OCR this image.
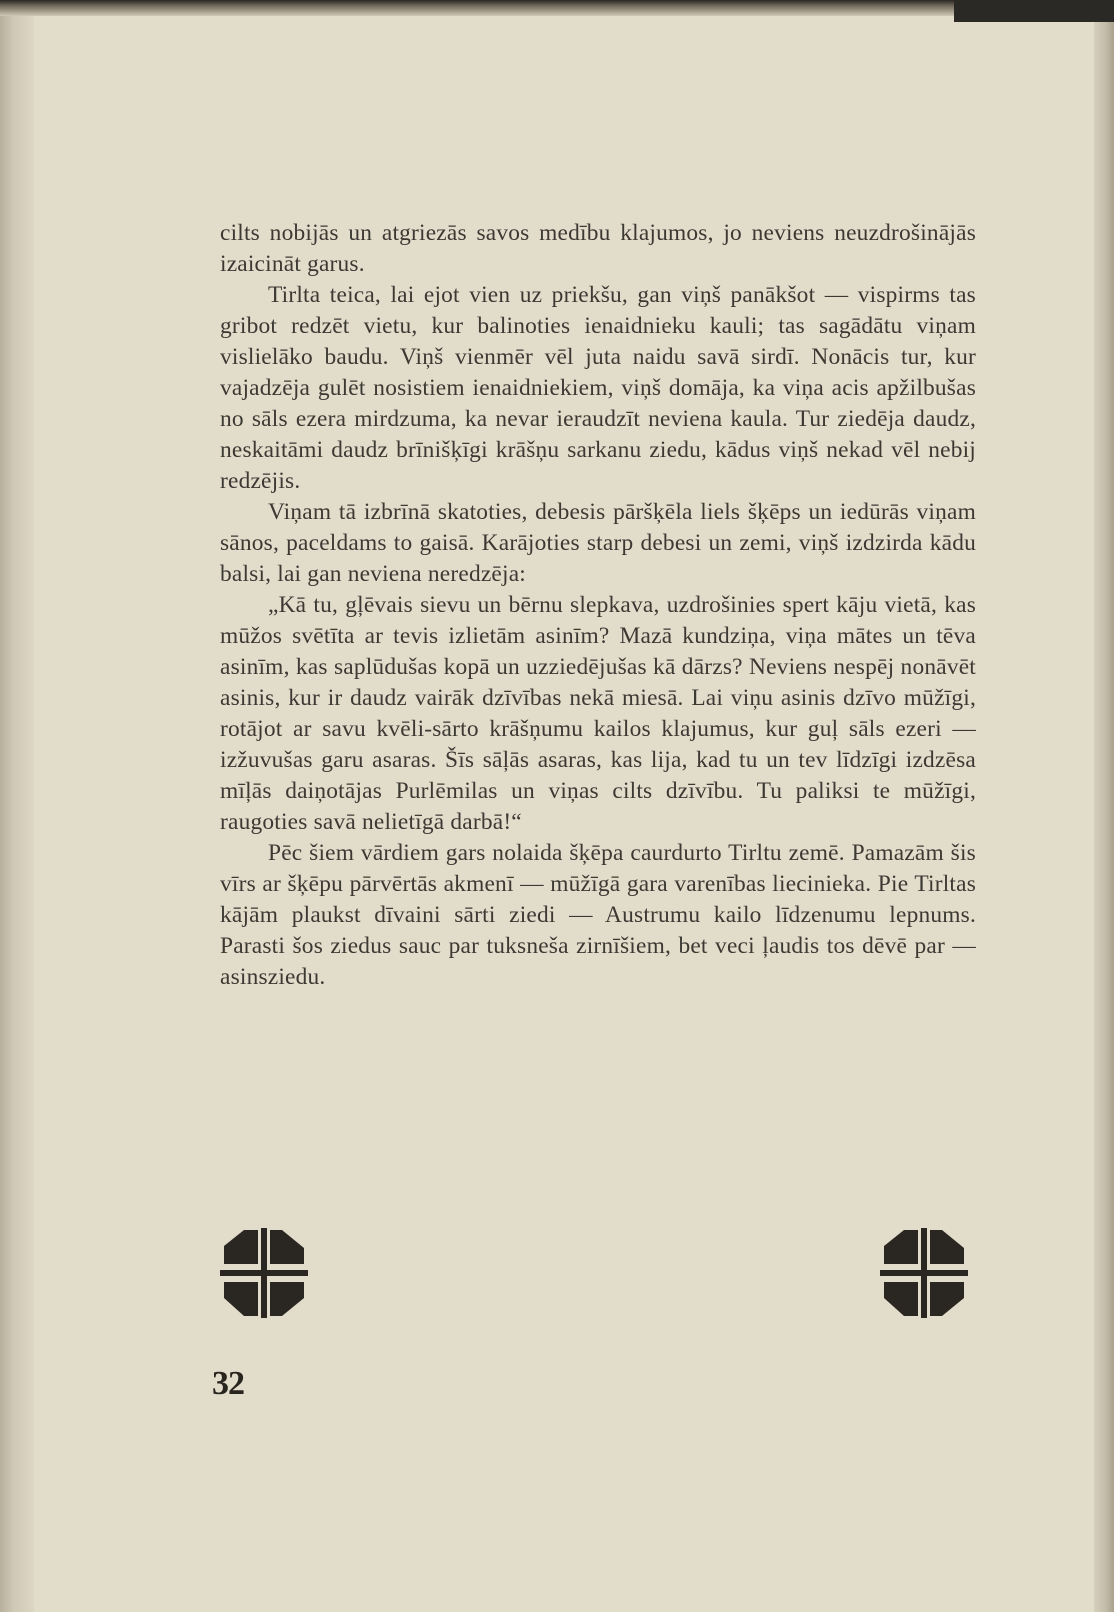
cilts nobijās un atgriezās savos medību klajumos, jo neviens neuzdrošinājās izaicināt garus.

Tirlta teica, lai ejot vien uz priekšu, gan viņš panākšot — vispirms tas gribot redzēt vietu, kur balinoties ienaidnieku kauli; tas sagādātu viņam vislielāko baudu. Viņš vienmēr vēl juta naidu savā sirdī. Nonācis tur, kur vajadzēja gulēt nosistiem ienaidniekiem, viņš domāja, ka viņa acis apžilbušas no sāls ezera mirdzuma, ka nevar ieraudzīt neviena kaula. Tur ziedēja daudz, neskaitāmi daudz brīnišķīgi krāšņu sarkanu ziedu, kādus viņš nekad vēl nebij redzējis.

Viņam tā izbrīnā skatoties, debesis pāršķēla liels šķēps un iedūrās viņam sānos, paceldams to gaisā. Karājoties starp debesi un zemi, viņš izdzirda kādu balsi, lai gan neviena neredzēja:

„Kā tu, gļēvais sievu un bērnu slepkava, uzdrošinies spert kāju vietā, kas mūžos svētīta ar tevis izlietām asinīm? Mazā kundziņa, viņa mātes un tēva asinīm, kas saplūdušas kopā un uzziedējušas kā dārzs? Neviens nespēj nonāvēt asinis, kur ir daudz vairāk dzīvības nekā miesā. Lai viņu asinis dzīvo mūžīgi, rotājot ar savu kvēli-sārto krāšņumu kailos klajumus, kur guļ sāls ezeri — izžuvušas garu asaras. Šīs sāļās asaras, kas lija, kad tu un tev līdzīgi izdzēsa mīļās daiņotājas Purlēmilas un viņas cilts dzīvību. Tu paliksi te mūžīgi, raugoties savā nelietīgā darbā!“

Pēc šiem vārdiem gars nolaida šķēpa caurdurto Tirltu zemē. Pamazām šis vīrs ar šķēpu pārvērtās akmenī — mūžīgā gara varenības liecinieka. Pie Tirltas kājām plaukst dīvaini sārti ziedi — Austrumu kailo līdzenumu lepnums. Parasti šos ziedus sauc par tuksneša zirnīšiem, bet veci ļaudis tos dēvē par — asinsziedu.

32
